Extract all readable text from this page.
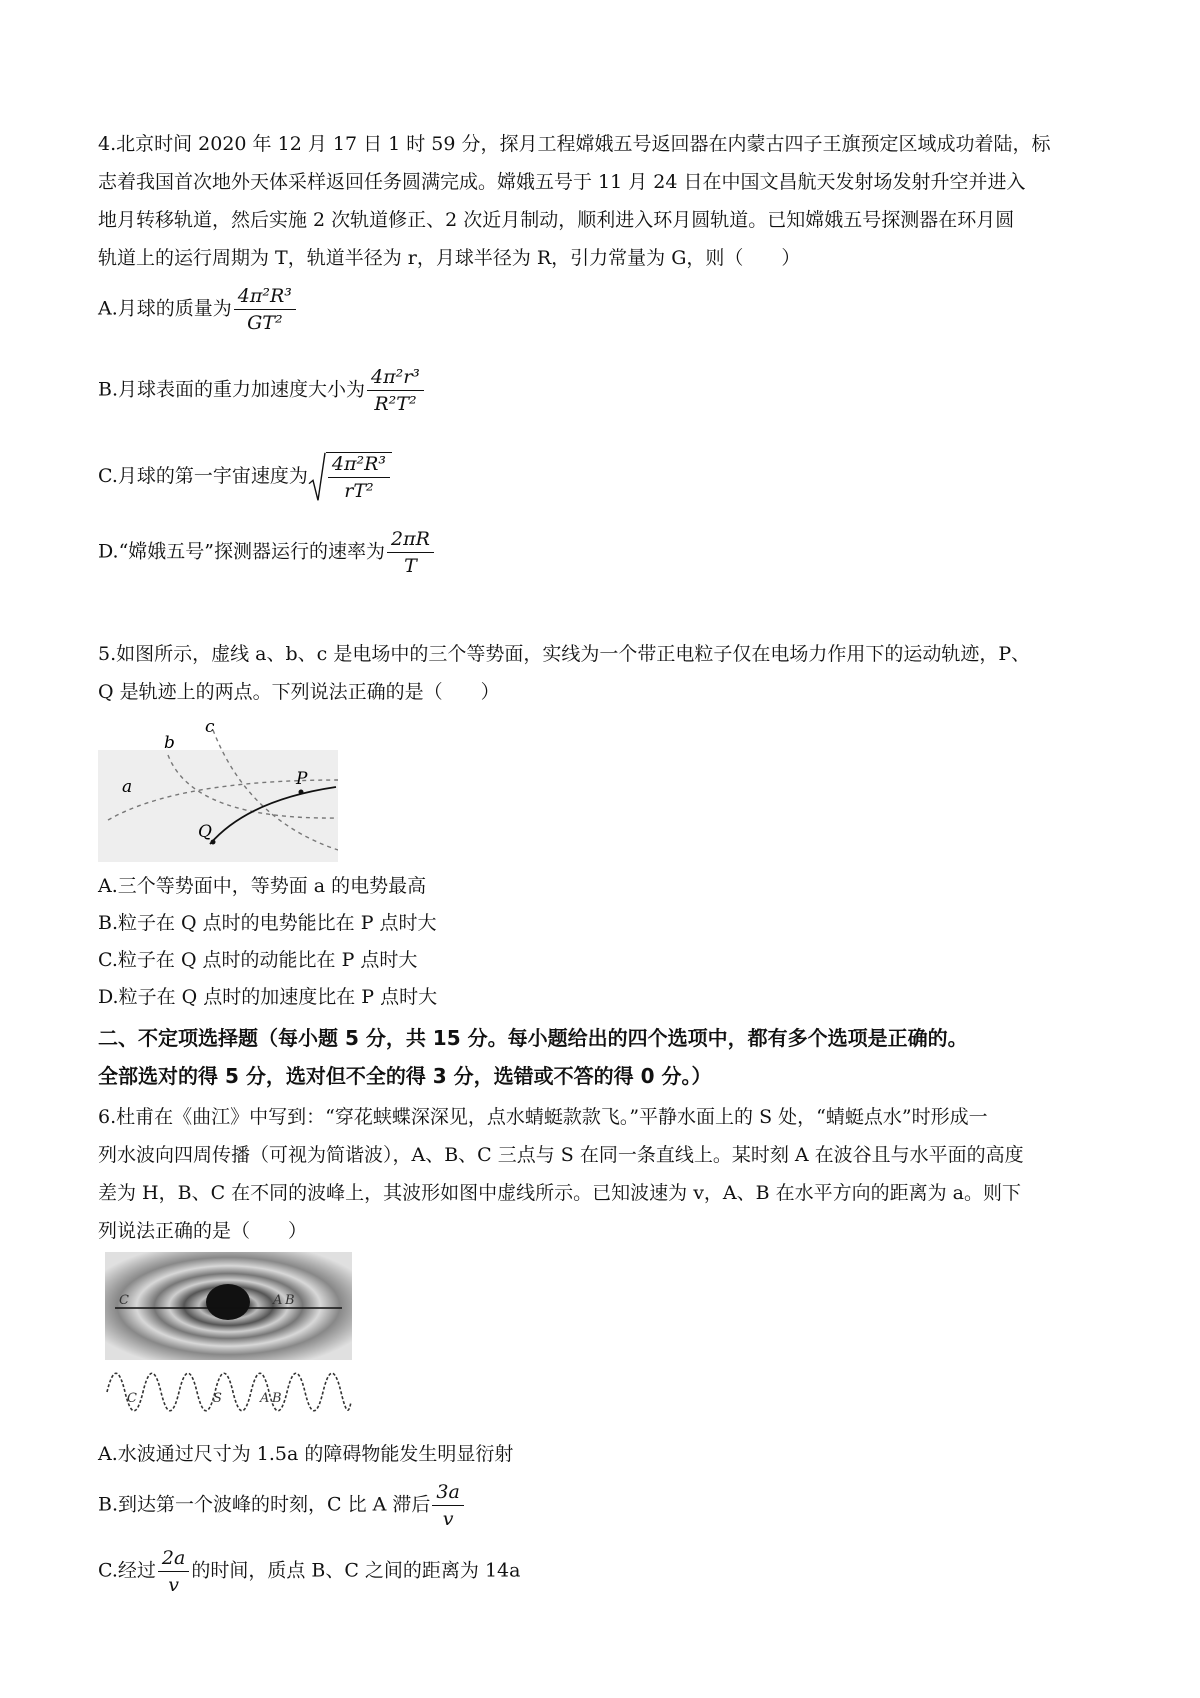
4.北京时间 2020 年 12 月 17 日 1 时 59 分，探月工程嫦娥五号返回器在内蒙古四子王旗预定区域成功着陆，标
志着我国首次地外天体采样返回任务圆满完成。嫦娥五号于 11 月 24 日在中国文昌航天发射场发射升空并进入
地月转移轨道，然后实施 2 次轨道修正、2 次近月制动，顺利进入环月圆轨道。已知嫦娥五号探测器在环月圆
轨道上的运行周期为 T，轨道半径为 r，月球半径为 R，引力常量为 G，则（　　）
A.月球的质量为 $\frac{\text{4π²R³}}{\text{GT²}}$
B.月球表面的重力加速度大小为 $\frac{\text{4π²r³}}{\text{R²T²}}$
C.月球的第一宇宙速度为 $\frac{\text{4π²R³}}{\text{rT²}}$
D.“嫦娥五号”探测器运行的速率为 $\frac{2\pi R}{T}$
5.如图所示，虚线 a、b、c 是电场中的三个等势面，实线为一个带正电粒子仅在电场力作用下的运动轨迹，P、
Q 是轨迹上的两点。下列说法正确的是（　　）
a
b
c
P
Q
A.三个等势面中，等势面 a 的电势最高
B.粒子在 Q 点时的电势能比在 P 点时大
C.粒子在 Q 点时的动能比在 P 点时大
D.粒子在 Q 点时的加速度比在 P 点时大
二、不定项选择题（每小题 5 分，共 15 分。每小题给出的四个选项中，都有多个选项是正确的。
全部选对的得 5 分，选对但不全的得 3 分，选错或不答的得 0 分。）
6.杜甫在《曲江》中写到：“穿花蛱蝶深深见，点水蜻蜓款款飞。”平静水面上的 S 处，“蜻蜓点水”时形成一
列水波向四周传播（可视为简谐波），A、B、C 三点与 S 在同一条直线上。某时刻 A 在波谷且与水平面的高度
差为 H，B、C 在不同的波峰上，其波形如图中虚线所示。已知波速为 v，A、B 在水平方向的距离为 a。则下
列说法正确的是（　　）
C	A B
C	S	A B
A.水波通过尺寸为 1.5a 的障碍物能发生明显衍射
B.到达第一个波峰的时刻，C 比 A 滞后 $\frac{3a}{v}$
C.经过 $\frac{2a}{v}$ 的时间，质点 B、C 之间的距离为 14a
